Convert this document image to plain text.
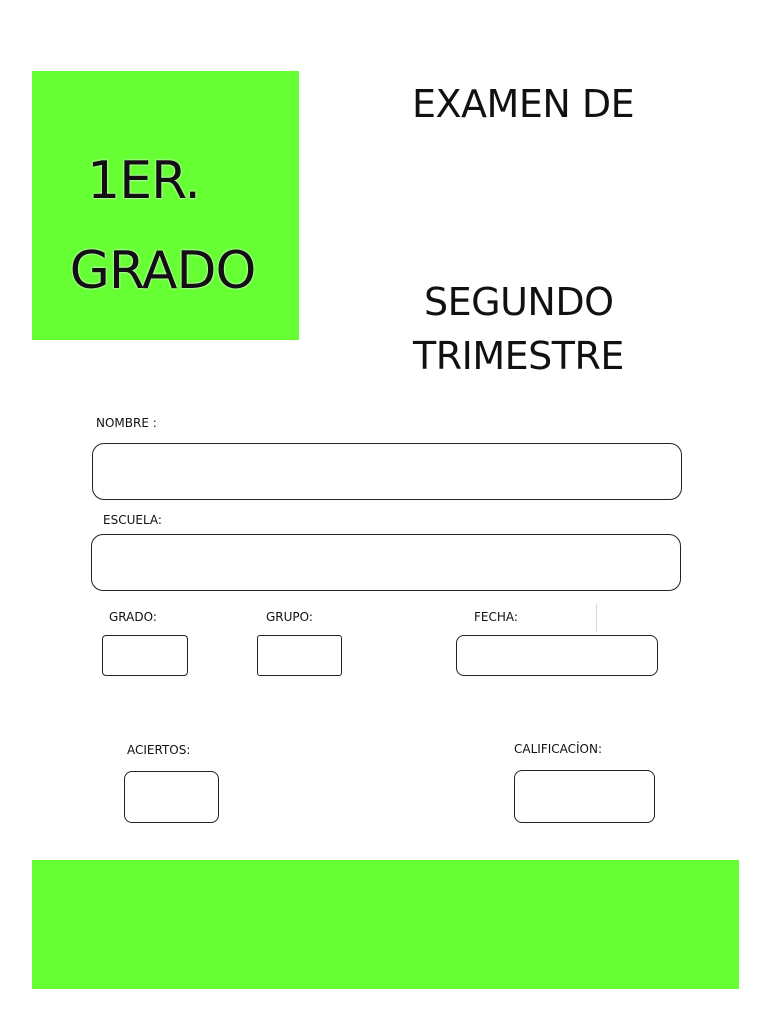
1ER.
GRADO
EXAMEN DE
SEGUNDO
TRIMESTRE
NOMBRE :
ESCUELA:
GRADO:	GRUPO:	FECHA:
ACIERTOS:	CALIFICACÍON:
